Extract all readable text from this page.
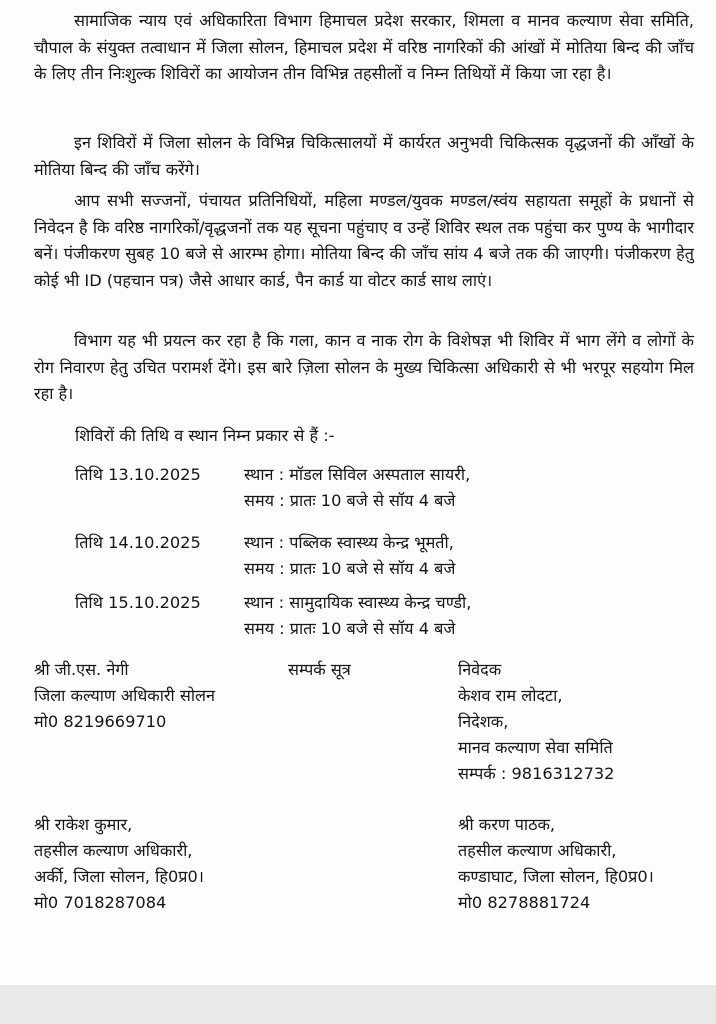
सामाजिक न्याय एवं अधिकारिता विभाग हिमाचल प्रदेश सरकार, शिमला व मानव कल्याण सेवा समिति, चौपाल के संयुक्त तत्वाधान में जिला सोलन, हिमाचल प्रदेश में वरिष्ठ नागरिकों की आंखों में मोतिया बिन्द की जाँच के लिए तीन निःशुल्क शिविरों का आयोजन तीन विभिन्न तहसीलों व निम्न तिथियों में किया जा रहा है।

इन शिविरों में जिला सोलन के विभिन्न चिकित्सालयों में कार्यरत अनुभवी चिकित्सक वृद्धजनों की आँखों के मोतिया बिन्द की जाँच करेंगे।

आप सभी सज्जनों, पंचायत प्रतिनिधियों, महिला मण्डल/युवक मण्डल/स्वंय सहायता समूहों के प्रधानों से निवेदन है कि वरिष्ठ नागरिकों/वृद्धजनों तक यह सूचना पहुंचाए व उन्हें शिविर स्थल तक पहुंचा कर पुण्य के भागीदार बनें। पंजीकरण सुबह 10 बजे से आरम्भ होगा। मोतिया बिन्द की जाँच सांय 4 बजे तक की जाएगी। पंजीकरण हेतु कोई भी ID (पहचान पत्र) जैसे आधार कार्ड, पैन कार्ड या वोटर कार्ड साथ लाएं।

विभाग यह भी प्रयत्न कर रहा है कि गला, कान व नाक रोग के विशेषज्ञ भी शिविर में भाग लेंगे व लोगों के रोग निवारण हेतु उचित परामर्श देंगे। इस बारे ज़िला सोलन के मुख्य चिकित्सा अधिकारी से भी भरपूर सहयोग मिल रहा है।

शिविरों की तिथि व स्थान निम्न प्रकार से हैं :-
तिथि 13.10.2025	स्थान : मॉडल सिविल अस्पताल सायरी,
समय : प्रातः 10 बजे से सॉय 4 बजे
तिथि 14.10.2025	स्थान : पब्लिक स्वास्थ्य केन्द्र भूमती,
समय : प्रातः 10 बजे से सॉय 4 बजे
तिथि 15.10.2025	स्थान : सामुदायिक स्वास्थ्य केन्द्र चण्डी,
समय : प्रातः 10 बजे से सॉय 4 बजे
श्री जी.एस. नेगी
जिला कल्याण अधिकारी सोलन
मो0 8219669710
सम्पर्क सूत्र	निवेदक
केशव राम लोदटा,
निदेशक,
मानव कल्याण सेवा समिति
सम्पर्क : 9816312732
श्री राकेश कुमार,
तहसील कल्याण अधिकारी,
अर्की, जिला सोलन, हि0प्र0।
मो0 7018287084
श्री करण पाठक,
तहसील कल्याण अधिकारी,
कण्डाघाट, जिला सोलन, हि0प्र0।
मो0 8278881724
